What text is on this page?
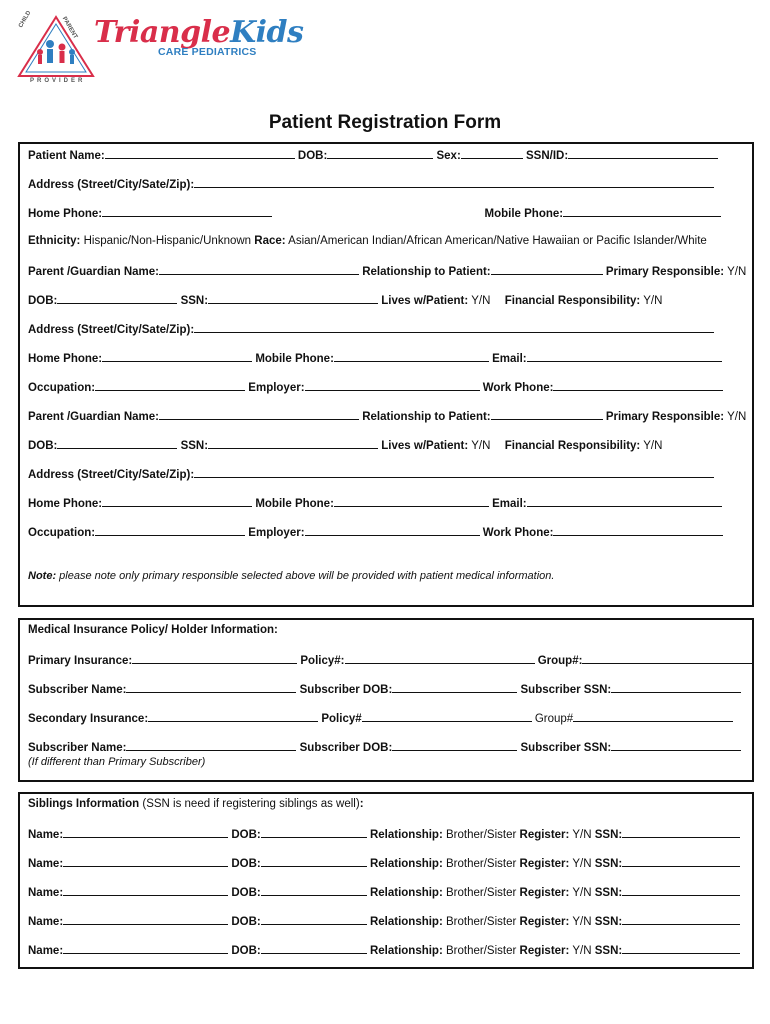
TriangleKids
CARE PEDIATRICS
CHILD	PARENT
PROVIDER
Patient Registration Form
Patient Name:	DOB:	Sex:	SSN/ID:
Address (Street/City/Sate/Zip):
Home Phone:	Mobile Phone:
Ethnicity: Hispanic/Non-Hispanic/Unknown Race: Asian/American Indian/African American/Native Hawaiian or Pacific Islander/White
Parent /Guardian Name:	Relationship to Patient:	Primary Responsible: Y/N
DOB:	SSN:	Lives w/Patient: Y/N Financial Responsibility: Y/N
Address (Street/City/Sate/Zip):
Home Phone:	Mobile Phone:	Email:
Occupation:	Employer:	Work Phone:
Parent /Guardian Name:	Relationship to Patient:	Primary Responsible: Y/N
DOB:	SSN:	Lives w/Patient: Y/N Financial Responsibility: Y/N
Address (Street/City/Sate/Zip):
Home Phone:	Mobile Phone:	Email:
Occupation:	Employer:	Work Phone:
Note: please note only primary responsible selected above will be provided with patient medical information.
Medical Insurance Policy/ Holder Information:
Primary Insurance:	Policy#:	Group#:
Subscriber Name:	Subscriber DOB:	Subscriber SSN:
Secondary Insurance:	Policy#	Group#
Subscriber Name:	Subscriber DOB:	Subscriber SSN:
(If different than Primary Subscriber)
Siblings Information (SSN is need if registering siblings as well):
Name:	DOB:	Relationship: Brother/Sister Register: Y/N SSN:
Name:	DOB:	Relationship: Brother/Sister Register: Y/N SSN:
Name:	DOB:	Relationship: Brother/Sister Register: Y/N SSN:
Name:	DOB:	Relationship: Brother/Sister Register: Y/N SSN:
Name:	DOB:	Relationship: Brother/Sister Register: Y/N SSN:
